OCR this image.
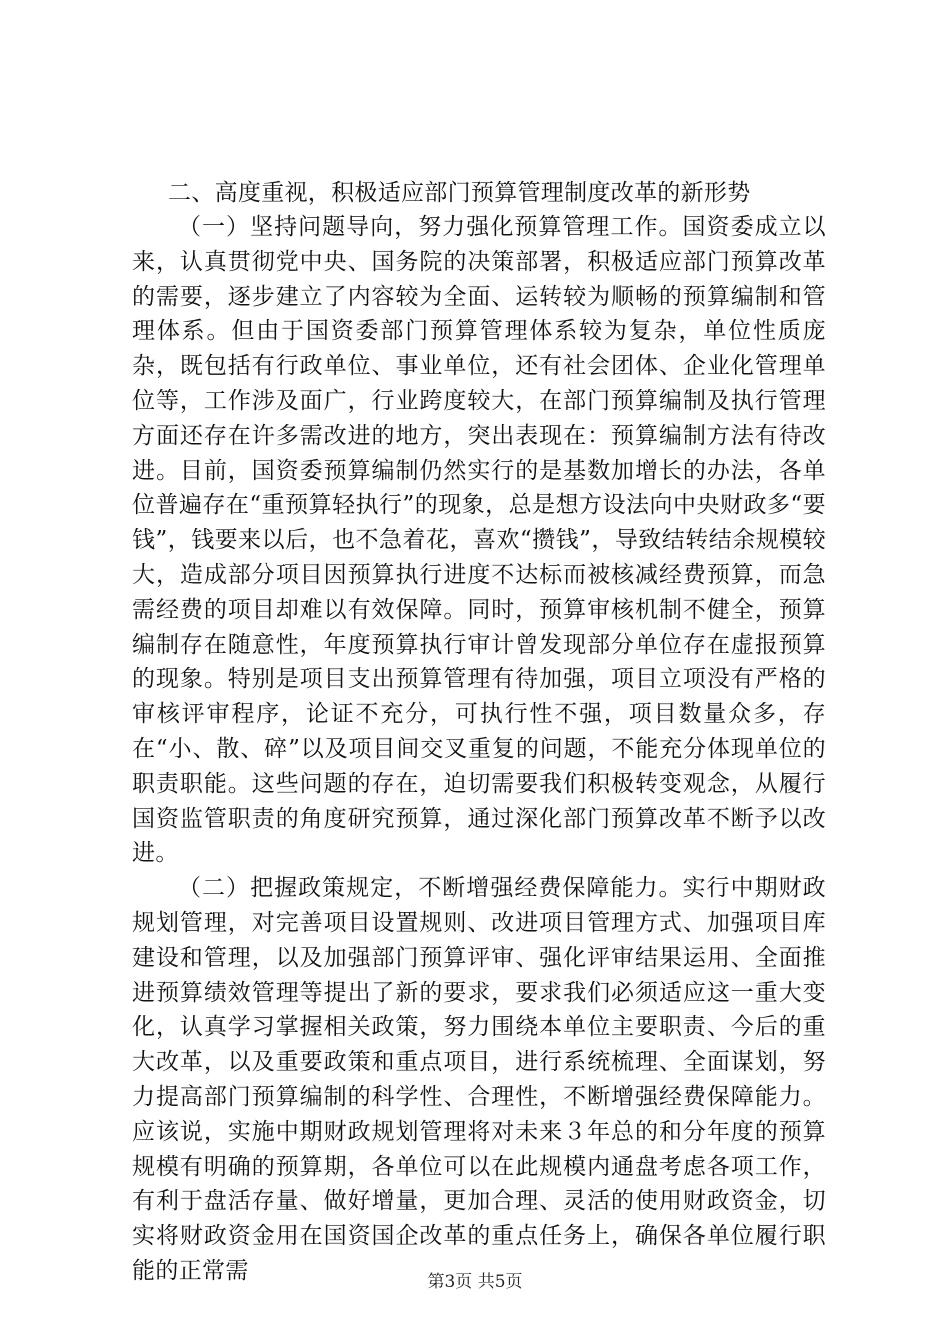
二、高度重视，积极适应部门预算管理制度改革的新形势

（一）坚持问题导向，努力强化预算管理工作。国资委成立以来，认真贯彻党中央、国务院的决策部署，积极适应部门预算改革的需要，逐步建立了内容较为全面、运转较为顺畅的预算编制和管理体系。但由于国资委部门预算管理体系较为复杂，单位性质庞杂，既包括有行政单位、事业单位，还有社会团体、企业化管理单位等，工作涉及面广，行业跨度较大，在部门预算编制及执行管理方面还存在许多需改进的地方，突出表现在：预算编制方法有待改进。目前，国资委预算编制仍然实行的是基数加增长的办法，各单位普遍存在“重预算轻执行”的现象，总是想方设法向中央财政多“要钱”，钱要来以后，也不急着花，喜欢“攒钱”，导致结转结余规模较大，造成部分项目因预算执行进度不达标而被核减经费预算，而急需经费的项目却难以有效保障。同时，预算审核机制不健全，预算编制存在随意性，年度预算执行审计曾发现部分单位存在虚报预算的现象。特别是项目支出预算管理有待加强，项目立项没有严格的审核评审程序，论证不充分，可执行性不强，项目数量众多，存在“小、散、碎”以及项目间交叉重复的问题，不能充分体现单位的职责职能。这些问题的存在，迫切需要我们积极转变观念，从履行国资监管职责的角度研究预算，通过深化部门预算改革不断予以改进。

（二）把握政策规定，不断增强经费保障能力。实行中期财政规划管理，对完善项目设置规则、改进项目管理方式、加强项目库建设和管理，以及加强部门预算评审、强化评审结果运用、全面推进预算绩效管理等提出了新的要求，要求我们必须适应这一重大变化，认真学习掌握相关政策，努力围绕本单位主要职责、今后的重大改革，以及重要政策和重点项目，进行系统梳理、全面谋划，努力提高部门预算编制的科学性、合理性，不断增强经费保障能力。应该说，实施中期财政规划管理将对未来３年总的和分年度的预算规模有明确的预算期，各单位可以在此规模内通盘考虑各项工作，有利于盘活存量、做好增量，更加合理、灵活的使用财政资金，切实将财政资金用在国资国企改革的重点任务上，确保各单位履行职能的正常需	第3页 共5页
